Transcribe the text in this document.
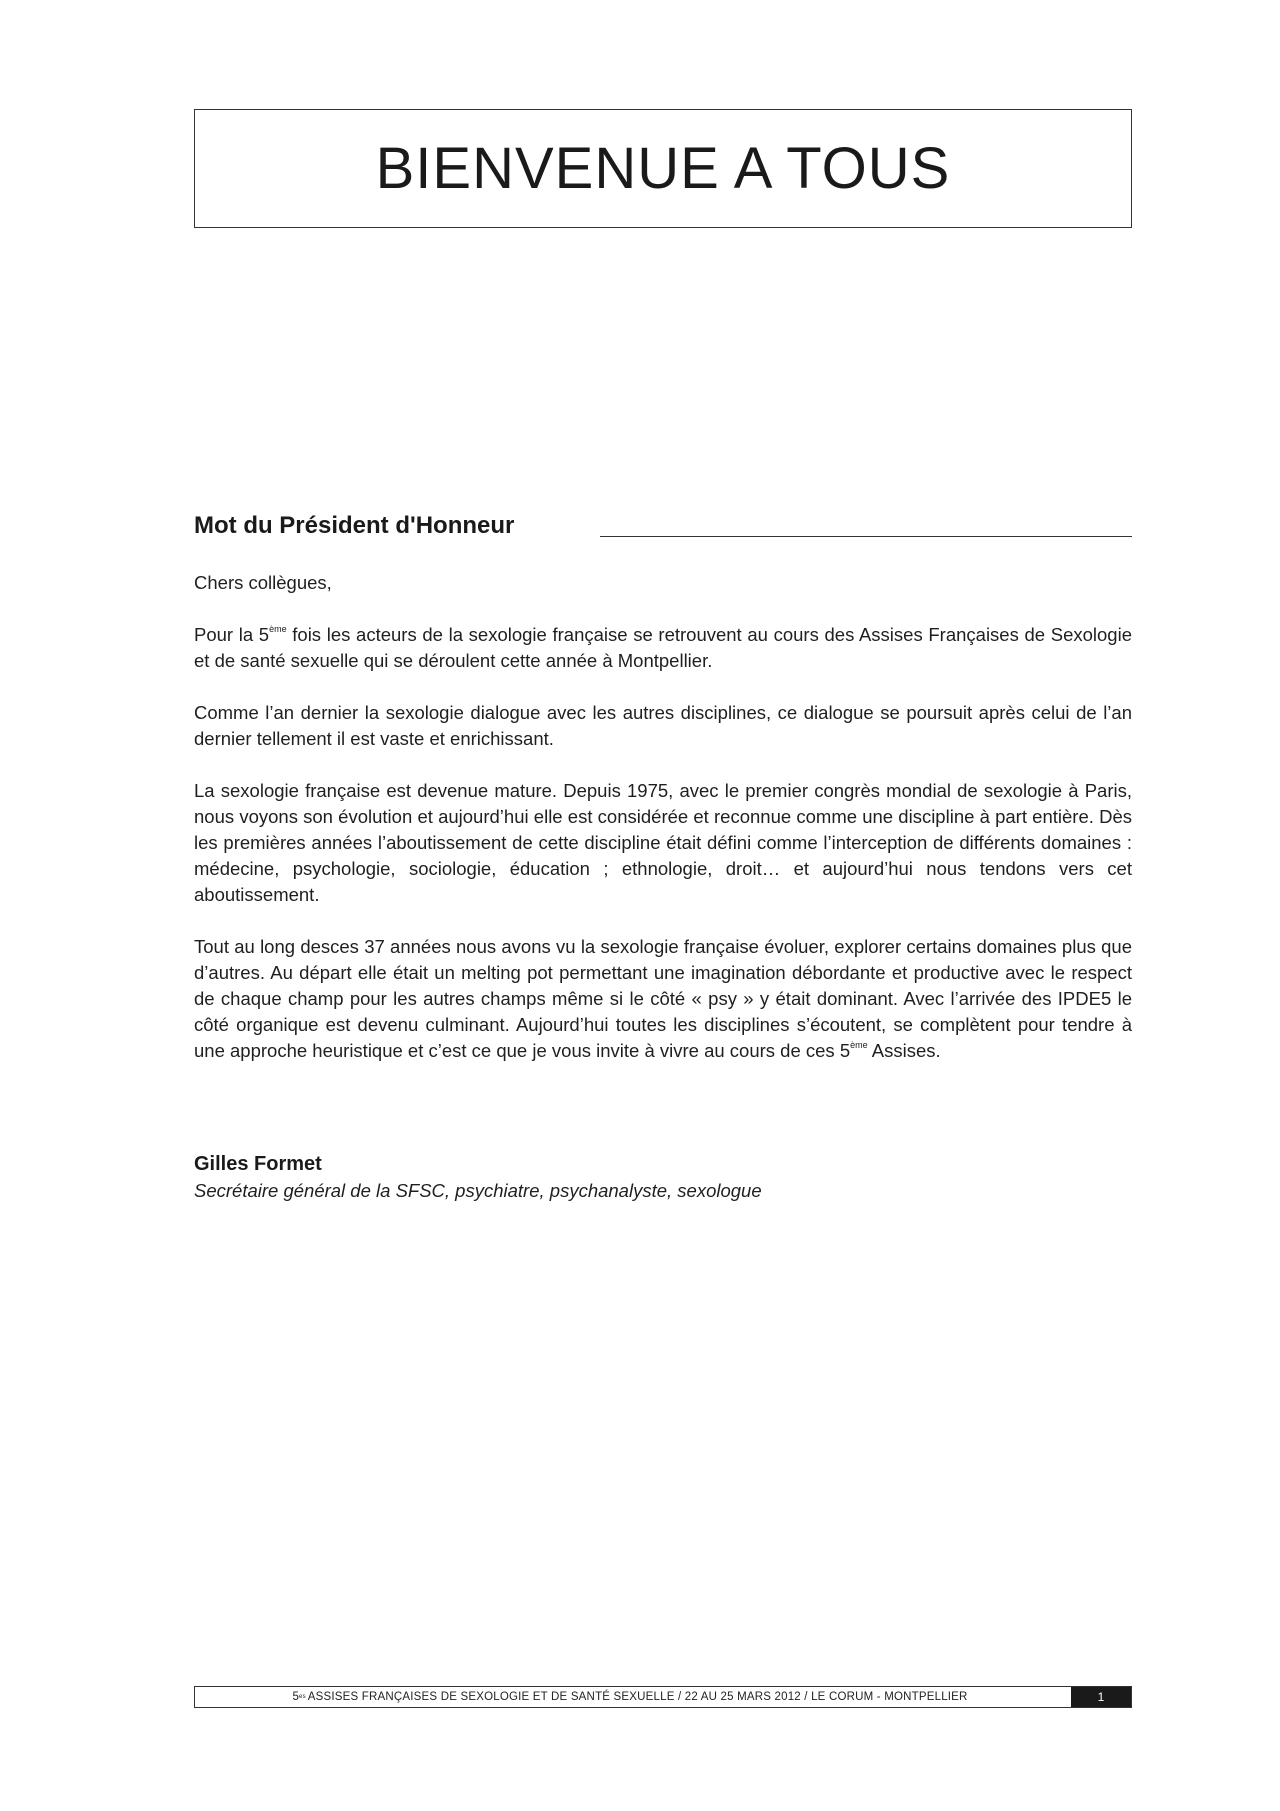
BIENVENUE A TOUS
Mot du Président d'Honneur

Chers collègues,

Pour la 5ème fois les acteurs de la sexologie française se retrouvent au cours des Assises Françaises de Sexologie et de santé sexuelle qui se déroulent cette année à Montpellier.

Comme l’an dernier la sexologie dialogue avec les autres disciplines, ce dialogue se poursuit après celui de l’an dernier tellement il est vaste et enrichissant.

La sexologie française est devenue mature. Depuis 1975, avec le premier congrès mondial de sexologie à Paris, nous voyons son évolution et aujourd’hui elle est considérée et reconnue comme une discipline à part entière. Dès les premières années l’aboutissement de cette discipline était défini comme l’interception de différents domaines : médecine, psychologie, sociologie, éducation ; ethnologie, droit… et aujourd’hui nous tendons vers cet aboutissement.

Tout au long desces 37 années nous avons vu la sexologie française évoluer, explorer certains domaines plus que d’autres. Au départ elle était un melting pot permettant une imagination débordante et productive avec le respect de chaque champ pour les autres champs même si le côté « psy » y était dominant. Avec l’arrivée des IPDE5 le côté organique est devenu culminant. Aujourd’hui toutes les disciplines s’écoutent, se complètent pour tendre à une approche heuristique et c’est ce que je vous invite à vivre au cours de ces 5ème Assises.

Gilles Formet
Secrétaire général de la SFSC, psychiatre, psychanalyste, sexologue
5 es ASSISES FRANÇAISES DE SEXOLOGIE ET DE SANTÉ SEXUELLE / 22 AU 25 MARS 2012 / LE CORUM - MONTPELLIER	1
